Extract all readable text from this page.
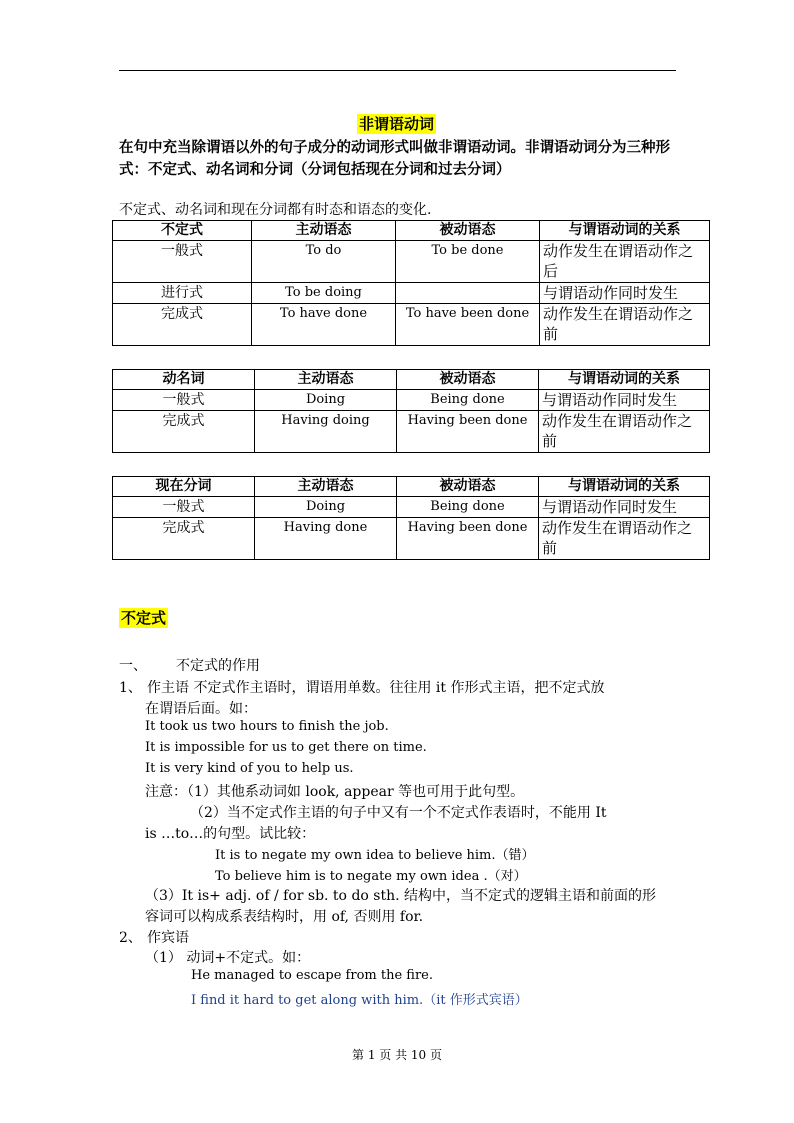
非谓语动词
在句中充当除谓语以外的句子成分的动词形式叫做非谓语动词。非谓语动词分为三种形式：不定式、动名词和分词（分词包括现在分词和过去分词）
不定式、动名词和现在分词都有时态和语态的变化.
不定式	主动语态	被动语态	与谓语动词的关系
一般式	To do	To be done	动作发生在谓语动作之后
进行式	To be doing		与谓语动作同时发生
完成式	To have done	To have been done	动作发生在谓语动作之前
动名词	主动语态	被动语态	与谓语动词的关系
一般式	Doing	Being done	与谓语动作同时发生
完成式	Having doing	Having been done	动作发生在谓语动作之前
现在分词	主动语态	被动语态	与谓语动词的关系
一般式	Doing	Being done	与谓语动作同时发生
完成式	Having done	Having been done	动作发生在谓语动作之前
不定式
一、 不定式的作用
1、 作主语 不定式作主语时，谓语用单数。往往用 it 作形式主语，把不定式放
在谓语后面。如：
It took us two hours to finish the job.
It is impossible for us to get there on time.
It is very kind of you to help us.
注意：（1）其他系动词如 look, appear 等也可用于此句型。
（2）当不定式作主语的句子中又有一个不定式作表语时，不能用 It
is …to…的句型。试比较：
It is to negate my own idea to believe him.（错）
To believe him is to negate my own idea .（对）
（3）It is+ adj. of / for sb. to do sth. 结构中，当不定式的逻辑主语和前面的形
容词可以构成系表结构时，用 of, 否则用 for.
2、 作宾语
（1） 动词+不定式。如：
He managed to escape from the fire.
I find it hard to get along with him.（it 作形式宾语）
第 1 页 共 10 页
